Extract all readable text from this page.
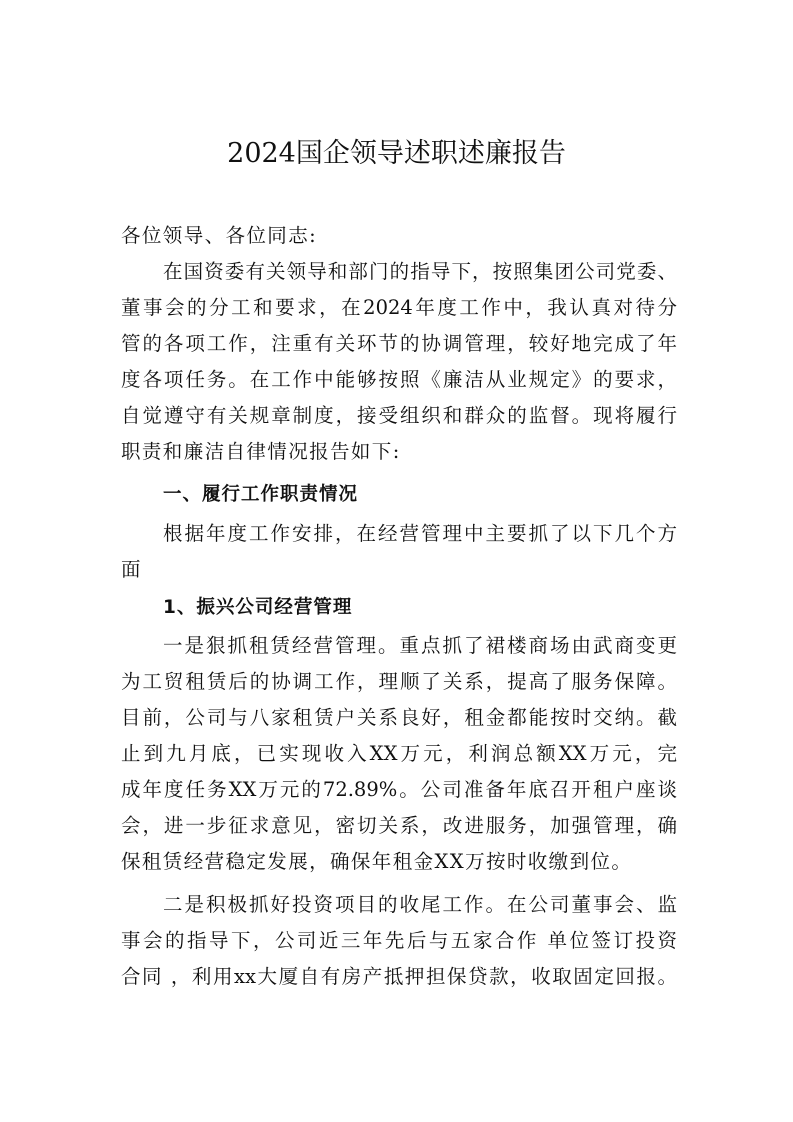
2024国企领导述职述廉报告

各位领导、各位同志:

在国资委有关领导和部门的指导下，按照集团公司党委、

董事会的分工和要求，在2024年度工作中，我认真对待分

管的各项工作，注重有关环节的协调管理，较好地完成了年

度各项任务。在工作中能够按照《廉洁从业规定》的要求，

自觉遵守有关规章制度，接受组织和群众的监督。现将履行

职责和廉洁自律情况报告如下:

一、履行工作职责情况

根据年度工作安排，在经营管理中主要抓了以下几个方

面

1、振兴公司经营管理

一是狠抓租赁经营管理。重点抓了裙楼商场由武商变更

为工贸租赁后的协调工作，理顺了关系，提高了服务保障。

目前，公司与八家租赁户关系良好，租金都能按时交纳。截

止到九月底，已实现收入XX万元，利润总额XX万元，完

成年度任务XX万元的72.89%。公司准备年底召开租户座谈

会，进一步征求意见，密切关系，改进服务，加强管理，确

保租赁经营稳定发展，确保年租金XX万按时收缴到位。

二是积极抓好投资项目的收尾工作。在公司董事会、监

事会的指导下，公司近三年先后与五家合作 单位签订投资

合同 ，利用xx大厦自有房产抵押担保贷款，收取固定回报。
